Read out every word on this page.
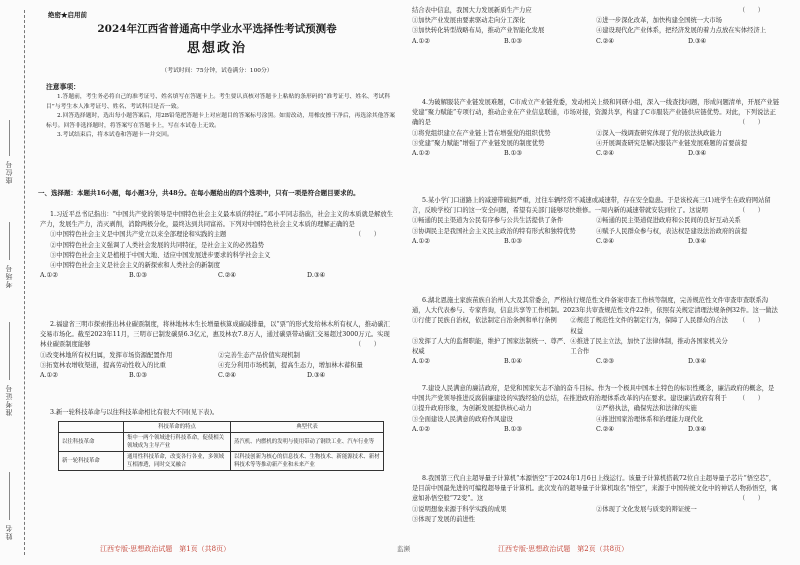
座位号
考场号
准考证号
姓名
绝密★启用前
2024年江西省普通高中学业水平选择性考试预测卷
思想政治
（考试时间：75分钟，试卷满分：100分）
注意事项：

1.答题前，考生务必将自己的准考证号、姓名填写在答题卡上。考生要认真核对答题卡上粘贴的条形码的“准考证号、姓名、考试科目”与考生本人准考证号、姓名、考试科目是否一致。

2.回答选择题时，选出每小题答案后，用2B铅笔把答题卡上对应题目的答案标号涂黑。如需改动，用橡皮擦干净后，再选涂其他答案标号。回答非选择题时，将答案写在答题卡上，写在本试卷上无效。

3.考试结束后，将本试卷和答题卡一并交回。

一、选择题：本题共16小题，每小题3分，共48分。在每小题给出的四个选项中，只有一项是符合题目要求的。

1.习近平总书记指出：“中国共产党的领导是中国特色社会主义最本质的特征。”邓小平同志指出，社会主义的本质就是解放生产力，发展生产力，消灭剥削，消除两极分化，最终达到共同富裕。下列对中国特色社会主义本质的理解正确的是
（　　）

①中国特色社会主义是中国共产党立以来全部理论和实践的主题

②中国特色社会主义强调了人类社会发展的共同特征，是社会主义的必然趋势

③中国特色社会主义是植根于中国大地、适应中国发展进步要求的科学社会主义

④中国特色社会主义是社会主义的新探索和人类社会的新制度

A.①②	B.①③	C.②④	D.③④

2.福建省三明市探索推出林业碳票制度，将林地林木生长增量核算成碳减排量，以“票”的形式发给林木所有权人，推动碳汇交易市场化。截至2023年11月，三明市已制发碳票6.3亿元，惠及林农7.8万人，通过碳票带动碳汇交易超过3000万元。实现林业碳票制度能够	（　　）

①改变林地所有权归属，发挥市场资源配置作用	②完善生态产品价值实现机制
③拓宽林农增收渠道，提高劳动性收入的比重	④充分利用市场机制，提高生态力，增加林木蓄积量
A.①②	B.①③	C.②④	D.③④

3.新一轮科技革命与以往科技革命相比有很大不同(见下表)。

	科技革命的特点	典型代表
以往科技革命	集中一两个领域进行科技革命，促使相关领域成为主导产业	蒸汽机、内燃机的发明与使用带动了钢铁工业、汽车行业等
新一轮科技革命	通用性科技革命，改变各行各业，多领域互相渗透，同时交叉融合	以科技创新为核心的信息技术、生物技术、新能源技术、新材料技术等等推动新产业和未来产业
江西专版·思想政治试题　第1页（共8页）	监濒

结合表中信息，我国大力发展新质生产力应	（　　）

①加快产业发展由要素驱动走向分工深化	②进一步深化改革，加快构建全国统一大市场
③加快转化转型战略布局，推动产业智能化发展	④建设现代化产业体系，把经济发展的着力点放在实体经济上
A.①②	B.①③	C.②④	D.③④

4.为破解服装产业链发展难题，C市成立产业链党委，发动相关上级和同研小组，深入一线查找问题，形成问题清单，开展产业链党建“聚力赋能”专项行动，推动企业在产业信息联通，市场对接，资源共享，构建了C市服装产业链供应链优势。对此，下列说法正确的是	（　　）

①将党组织建立在产业链上旨在增强党的组织优势	②深入一线调查研究体现了党的依法执政能力
③党建“聚力赋能”增强了产业链发展的制度优势	④开展调查研究是解决服装产业链发展难题的首要前提
A.①②	B.①③	C.②④	D.③④

5.某小学门口道路上的减速带破损严重，过往车辆经常不减速或减速带，存在安全隐患。于是该校高三(1)班学生在政府网站留言，反映学校门口的这一安全问题，希望有关部门能够尽快维修。一周内新的减速带就安装到位了。这说明	（　　）

①畅通的民主渠道为公民有序参与公共生活提供了条件	②畅通的民主渠道促进政府和公民间的良好互动关系
③协调民主是我国社会主义民主政治的特有形式和独特优势	④赋予人民群众参与权，表达权是建设法治政府的前提
A.①②	B.①③	C.②④	D.③④

6.湖北恩施土家族苗族自治州人大及其常委会，严格执行规范性文件备案审查工作核等制度，完善规范性文件审查审查联系沟通，人大代表参与、专家咨询，信息共享等工作机制。2023年共审查规范性文件22件，依照有关规定清理法规条例32件。这一做法
（　　）

①行使了民族自治权，依法制定自治条例和单行条例	②规范了规范性文件的制定行为，保障了人民群众的合法权益
③发挥了人大的监督职能，维护了国家法制统一、尊严、权威
④推进了民主立法，加快了法律体制，推动各国家机关分工合作
A.①②	B.①④	C.②③	D.③④

7.建设人民满意的廉洁政府，是党和国家矢志不渝的奋斗目标。作为一个极具中国本土特色的标识性概念，廉洁政府的概念，是中国共产党领导推进反腐倡廉建设的实践经验的总结，在推进政府治理体系改革的内在要求。建设廉洁政府有利于	（　　）

①提升政府形象，为创新发展提供核心动力	②严格执法，确保宪法和法律的实施
③全面建设人民满意的政府作风建设	④推进国家治理体系和治理能力现代化
A.①②	B.①③	C.②④	D.③④

8.我国第三代自主超导量子计算机“本源悟空”于2024年1月6日上线运行。该量子计算机搭载72位自主超导量子芯片“悟空芯”，是目前中国最先进的可编程超导量子计算机。此次发布的超导量子计算机取名“悟空”，来源于中国传统文化中的神话人物孙悟空，寓意如孙悟空般“72变”。这	（　　）

①说明想象来源于科学实践的成果	②体现了文化发展与质变的辩证统一
③体现了发展的前进性
江西专版·思想政治试题　第2页（共8页）
